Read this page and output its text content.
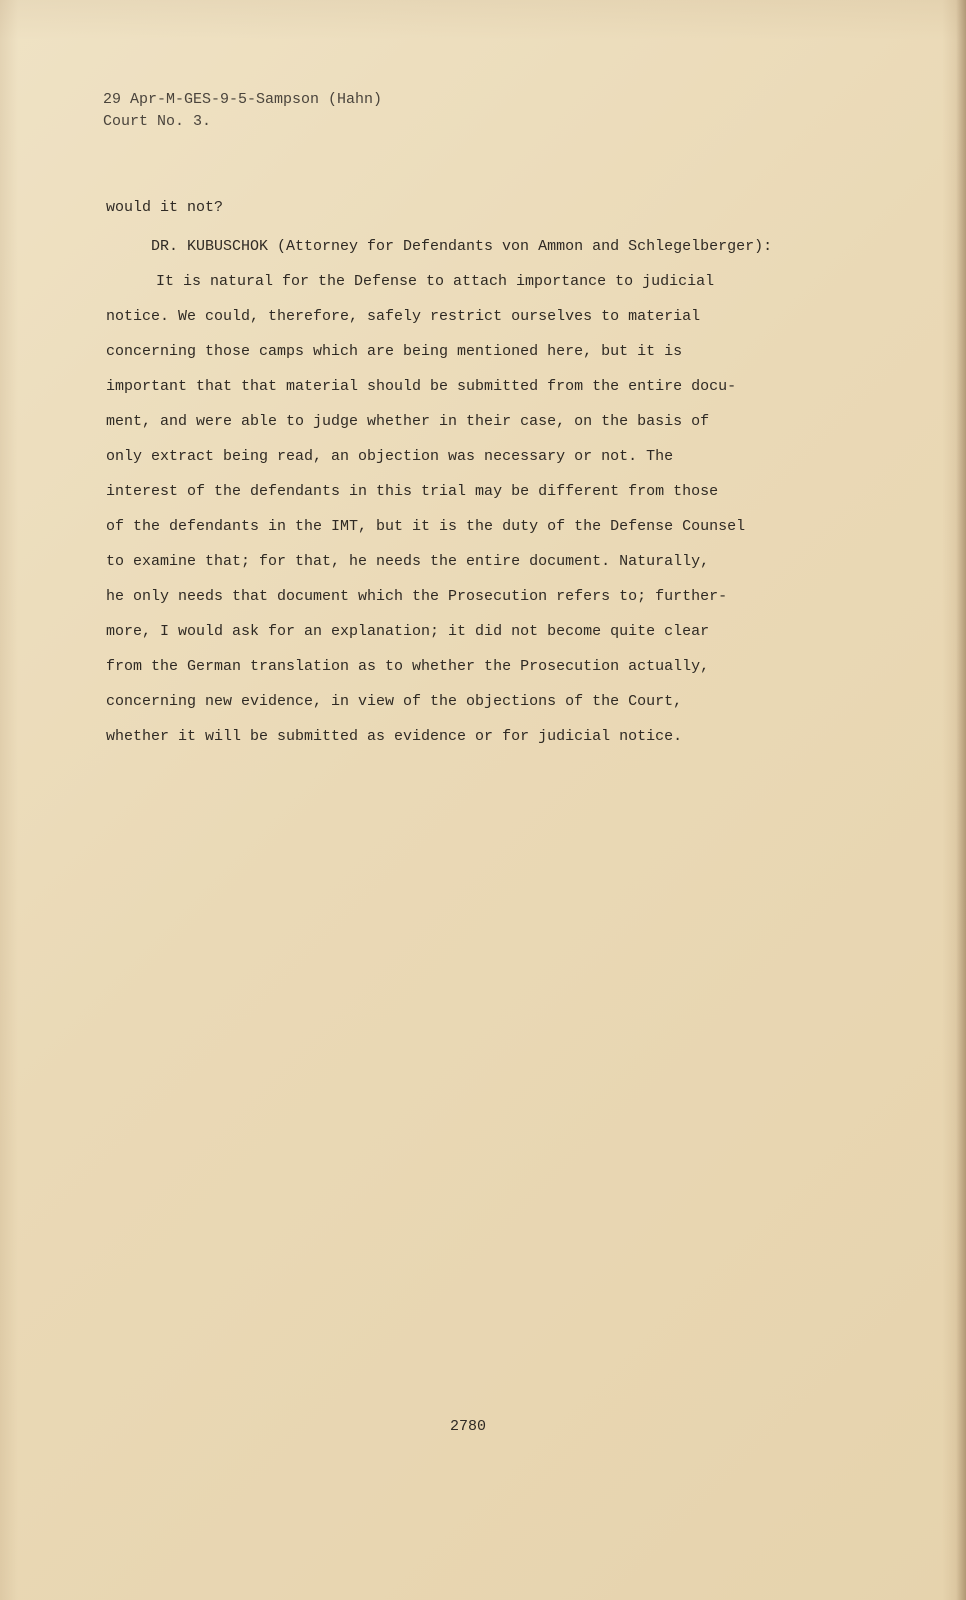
29 Apr-M-GES-9-5-Sampson (Hahn)
Court No. 3.
would it not?
DR. KUBUSCHOK (Attorney for Defendants von Ammon and Schlegelberger):
It is natural for the Defense to attach importance to judicial
notice. We could, therefore, safely restrict ourselves to material
concerning those camps which are being mentioned here, but it is
important that that material should be submitted from the entire docu-
ment, and were able to judge whether in their case, on the basis of
only extract being read, an objection was necessary or not. The
interest of the defendants in this trial may be different from those
of the defendants in the IMT, but it is the duty of the Defense Counsel
to examine that; for that, he needs the entire document. Naturally,
he only needs that document which the Prosecution refers to; further-
more, I would ask for an explanation; it did not become quite clear
from the German translation as to whether the Prosecution actually,
concerning new evidence, in view of the objections of the Court,
whether it will be submitted as evidence or for judicial notice.
2780
